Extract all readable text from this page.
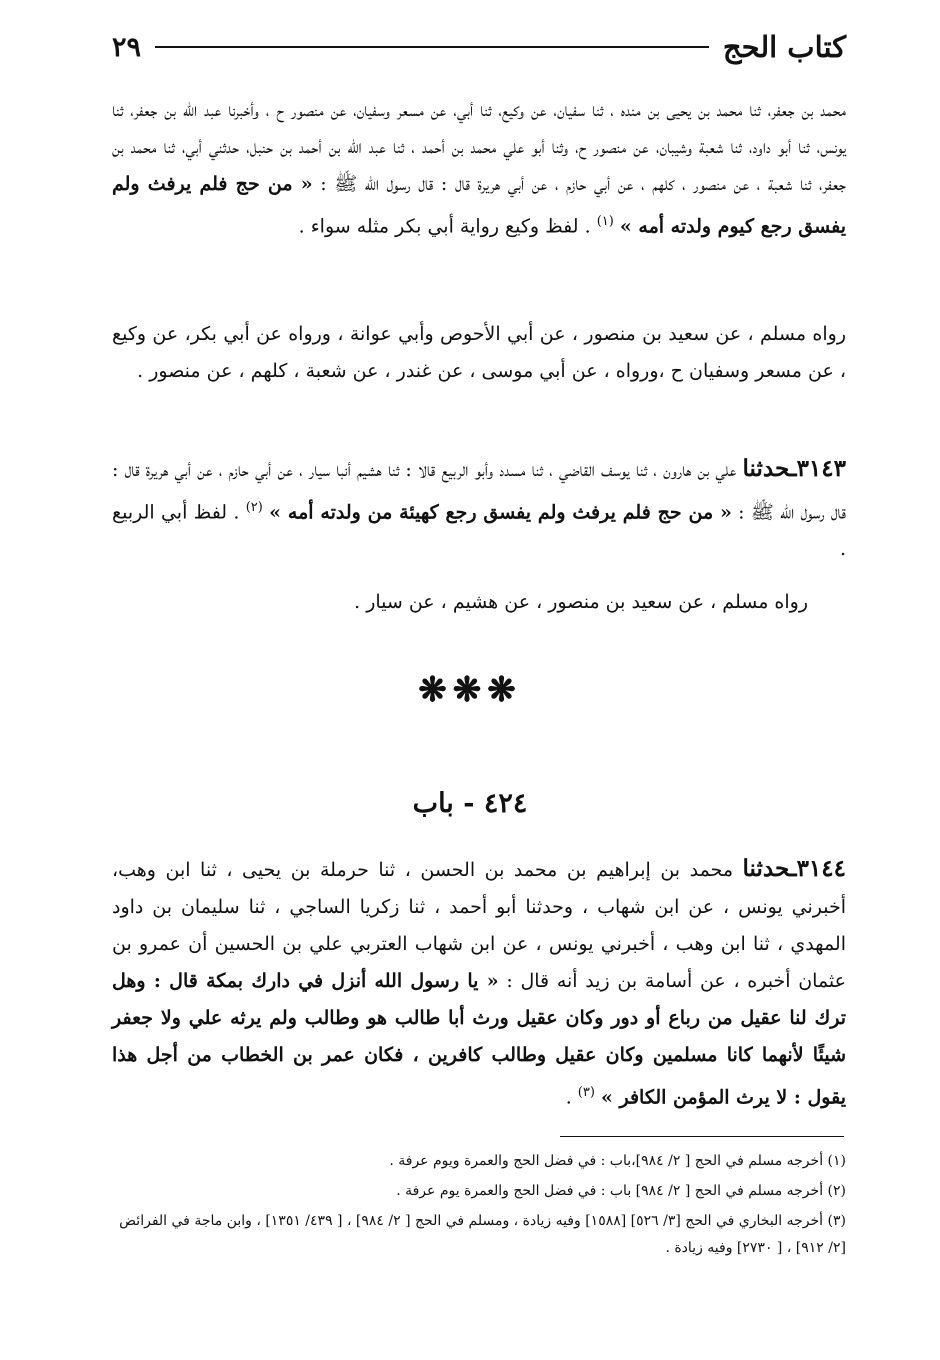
كتاب الحج
٢٩
محمد بن جعفر، ثنا محمد بن يحيى بن منده ، ثنا سفيان، عن وكيع، ثنا أبي، عن مسعر وسفيان، عن منصور ح ، وأخبرنا عبد الله بن جعفر، ثنا يونس، ثنا أبو داود، ثنا شعبة وشيبان، عن منصور ح، وثنا أبو علي محمد بن أحمد ، ثنا عبد الله بن أحمد بن حنبل، حدثني أبي، ثنا محمد بن جعفر، ثنا شعبة ، عن منصور ، كلهم ، عن أبي حازم ، عن أبي هريرة قال : قال رسول الله ﷺ : « من حج فلم يرفث ولم يفسق رجع كيوم ولدته أمه » $^{(١)}$ . لفظ وكيع رواية أبي بكر مثله سواء .
رواه مسلم ، عن سعيد بن منصور ، عن أبي الأحوص وأبي عوانة ، ورواه عن أبي بكر، عن وكيع ، عن مسعر وسفيان ح ،ورواه ، عن أبي موسى ، عن غندر ، عن شعبة ، كلهم ، عن منصور .
٣١٤٣ـحدثنا علي بن هارون ، ثنا يوسف القاضي ، ثنا مسدد وأبو الربيع قالا : ثنا هشيم أنبا سيار ، عن أبي حازم ، عن أبي هريرة قال : قال رسول الله ﷺ : « من حج فلم يرفث ولم يفسق رجع كهيئة من ولدته أمه » $^{(٢)}$ . لفظ أبي الربيع .
رواه مسلم ، عن سعيد بن منصور ، عن هشيم ، عن سيار .
❋❋❋
٤٢٤ - باب
٣١٤٤ـحدثنا محمد بن إبراهيم بن محمد بن الحسن ، ثنا حرملة بن يحيى ، ثنا ابن وهب، أخبرني يونس ، عن ابن شهاب ، وحدثنا أبو أحمد ، ثنا زكريا الساجي ، ثنا سليمان بن داود المهدي ، ثنا ابن وهب ، أخبرني يونس ، عن ابن شهاب العتربي علي بن الحسين أن عمرو بن عثمان أخبره ، عن أسامة بن زيد أنه قال : « يا رسول الله أنزل في دارك بمكة قال : وهل ترك لنا عقيل من رباع أو دور وكان عقيل ورث أبا طالب هو وطالب ولم يرثه علي ولا جعفر شيئًا لأنهما كانا مسلمين وكان عقيل وطالب كافرين ، فكان عمر بن الخطاب من أجل هذا يقول : لا يرث المؤمن الكافر » $^{(٣)}$ .
(١) أخرجه مسلم في الحج [ ٢/ ٩٨٤]،باب : في فضل الحج والعمرة ويوم عرفة .
(٢) أخرجه مسلم في الحج [ ٢/ ٩٨٤] باب : في فضل الحج والعمرة يوم عرفة .
(٣) أخرجه البخاري في الحج [٣/ ٥٢٦] [١٥٨٨] وفيه زيادة ، ومسلم في الحج [ ٢/ ٩٨٤] ، [ ٤٣٩/ ١٣٥١] ، وابن ماجة في الفرائض [٢/ ٩١٢] ، [ ٢٧٣٠] وفيه زيادة .
